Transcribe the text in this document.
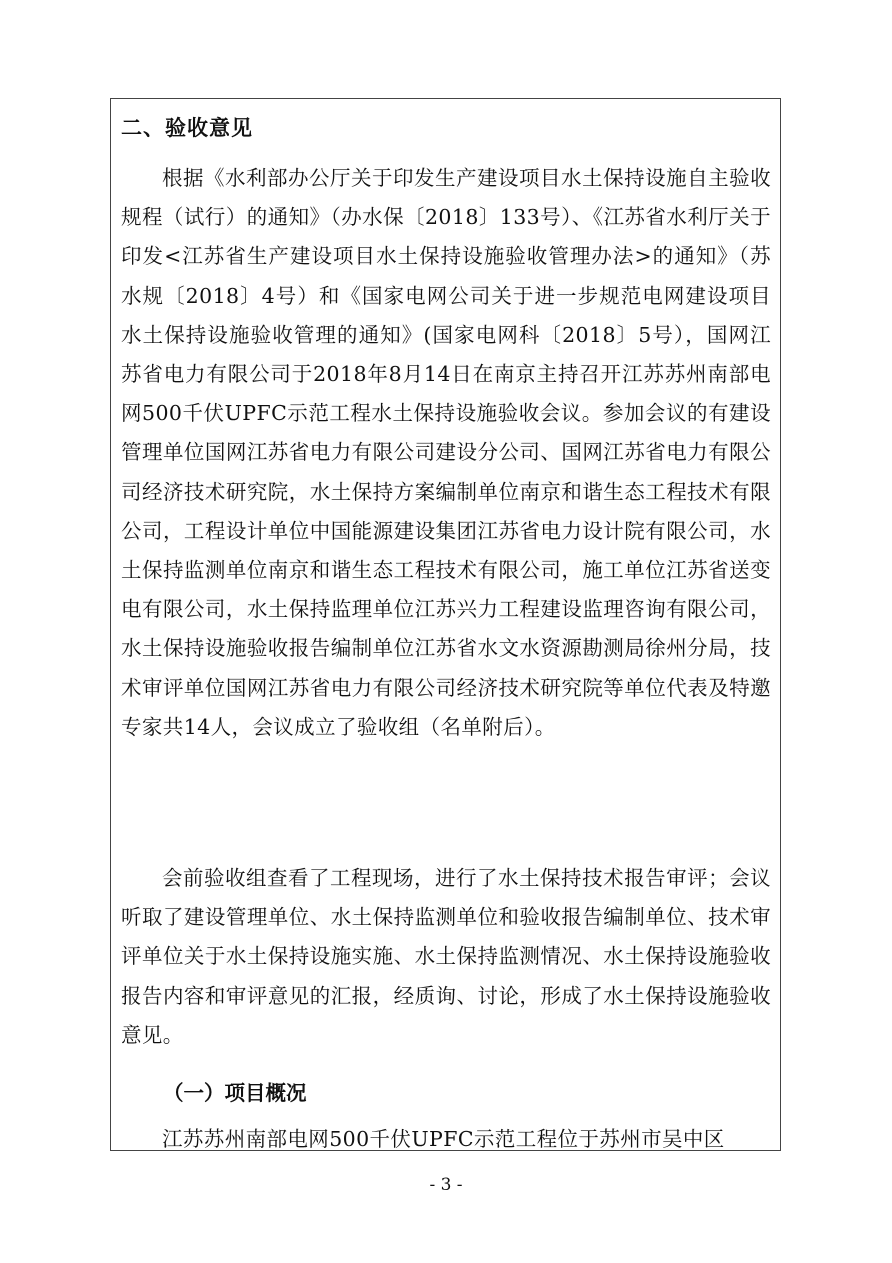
二、验收意见

根据《水利部办公厅关于印发生产建设项目水土保持设施自主验收规程（试行）的通知》（办水保〔2018〕133号）、《江苏省水利厅关于印发<江苏省生产建设项目水土保持设施验收管理办法>的通知》（苏水规〔2018〕4号）和《国家电网公司关于进一步规范电网建设项目水土保持设施验收管理的通知》(国家电网科〔2018〕5号），国网江苏省电力有限公司于2018年8月14日在南京主持召开江苏苏州南部电网500千伏UPFC示范工程水土保持设施验收会议。参加会议的有建设管理单位国网江苏省电力有限公司建设分公司、国网江苏省电力有限公司经济技术研究院，水土保持方案编制单位南京和谐生态工程技术有限公司，工程设计单位中国能源建设集团江苏省电力设计院有限公司，水土保持监测单位南京和谐生态工程技术有限公司，施工单位江苏省送变电有限公司，水土保持监理单位江苏兴力工程建设监理咨询有限公司，水土保持设施验收报告编制单位江苏省水文水资源勘测局徐州分局，技术审评单位国网江苏省电力有限公司经济技术研究院等单位代表及特邀专家共14人，会议成立了验收组（名单附后）。

会前验收组查看了工程现场，进行了水土保持技术报告审评；会议听取了建设管理单位、水土保持监测单位和验收报告编制单位、技术审评单位关于水土保持设施实施、水土保持监测情况、水土保持设施验收报告内容和审评意见的汇报，经质询、讨论，形成了水土保持设施验收意见。

（一）项目概况

江苏苏州南部电网500千伏UPFC示范工程位于苏州市吴中区

- 3 -
